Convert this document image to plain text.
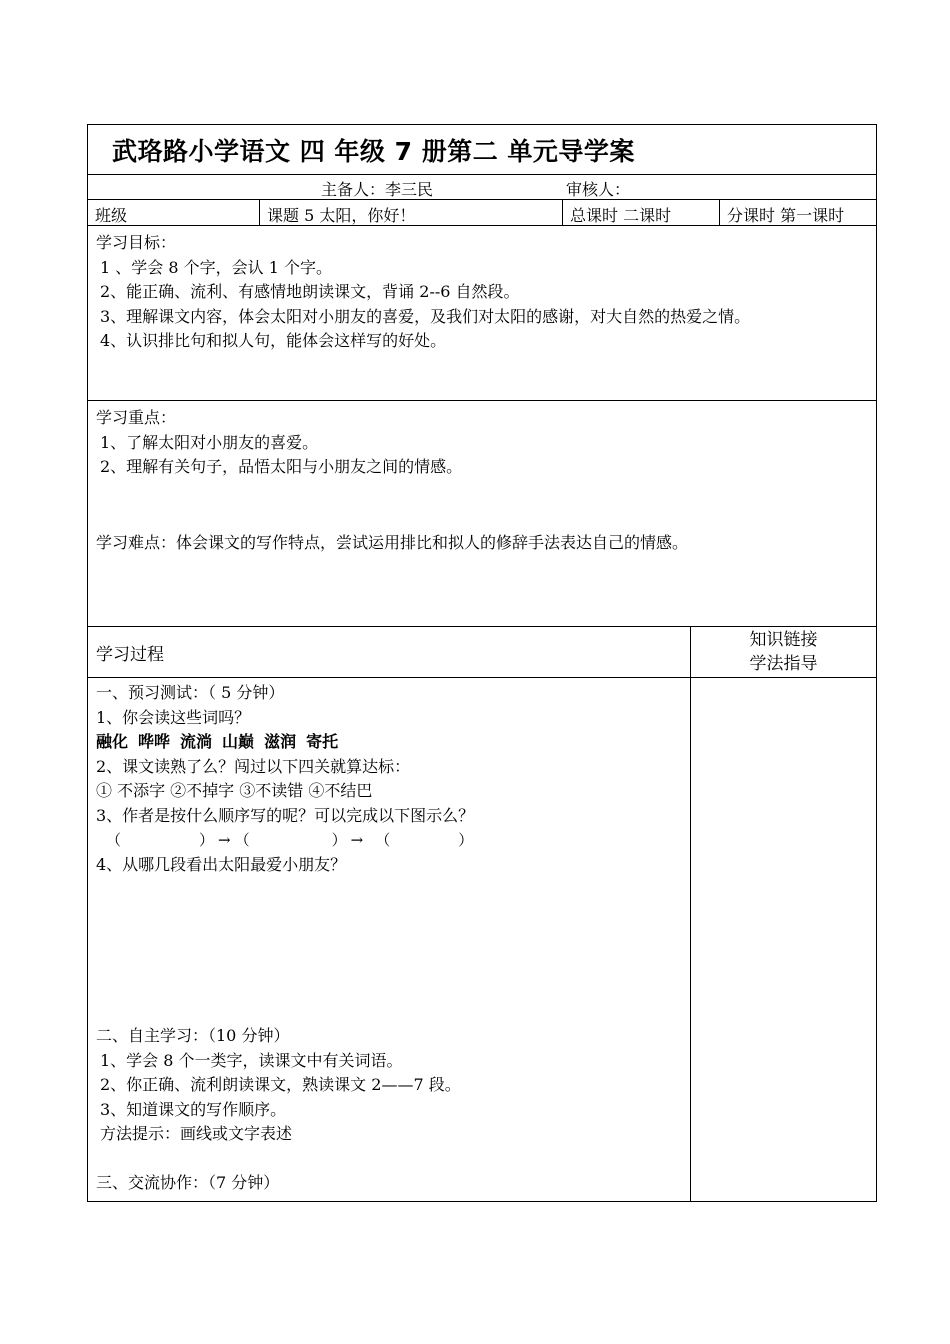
武珞路小学语文 四 年级 7 册第二 单元导学案
主备人：李三民	审核人：
班级	课题 5 太阳，你好！	总课时 二课时	分课时 第一课时
学习目标：
1 、学会 8 个字，会认 1 个字。
2、能正确、流利、有感情地朗读课文，背诵 2--6 自然段。
3、理解课文内容，体会太阳对小朋友的喜爱，及我们对太阳的感谢，对大自然的热爱之情。
4、认识排比句和拟人句，能体会这样写的好处。
学习重点：
1、了解太阳对小朋友的喜爱。
2、理解有关句子，品悟太阳与小朋友之间的情感。
学习难点：体会课文的写作特点，尝试运用排比和拟人的修辞手法表达自己的情感。
学习过程
知识链接
学法指导
一、预习测试：（ 5 分钟）
1、你会读这些词吗？
融化 哗哗 流淌 山巅 滋润 寄托
2、课文读熟了么？闯过以下四关就算达标：
① 不添字 ②不掉字 ③不读错 ④不结巴
3、作者是按什么顺序写的呢？可以完成以下图示么？
（	） → （	） → （	）
4、从哪几段看出太阳最爱小朋友？
二、自主学习：（10 分钟）
1、学会 8 个一类字，读课文中有关词语。
2、你正确、流利朗读课文，熟读课文 2——7 段。
3、知道课文的写作顺序。
方法提示：画线或文字表述
三、交流协作：（7 分钟）
